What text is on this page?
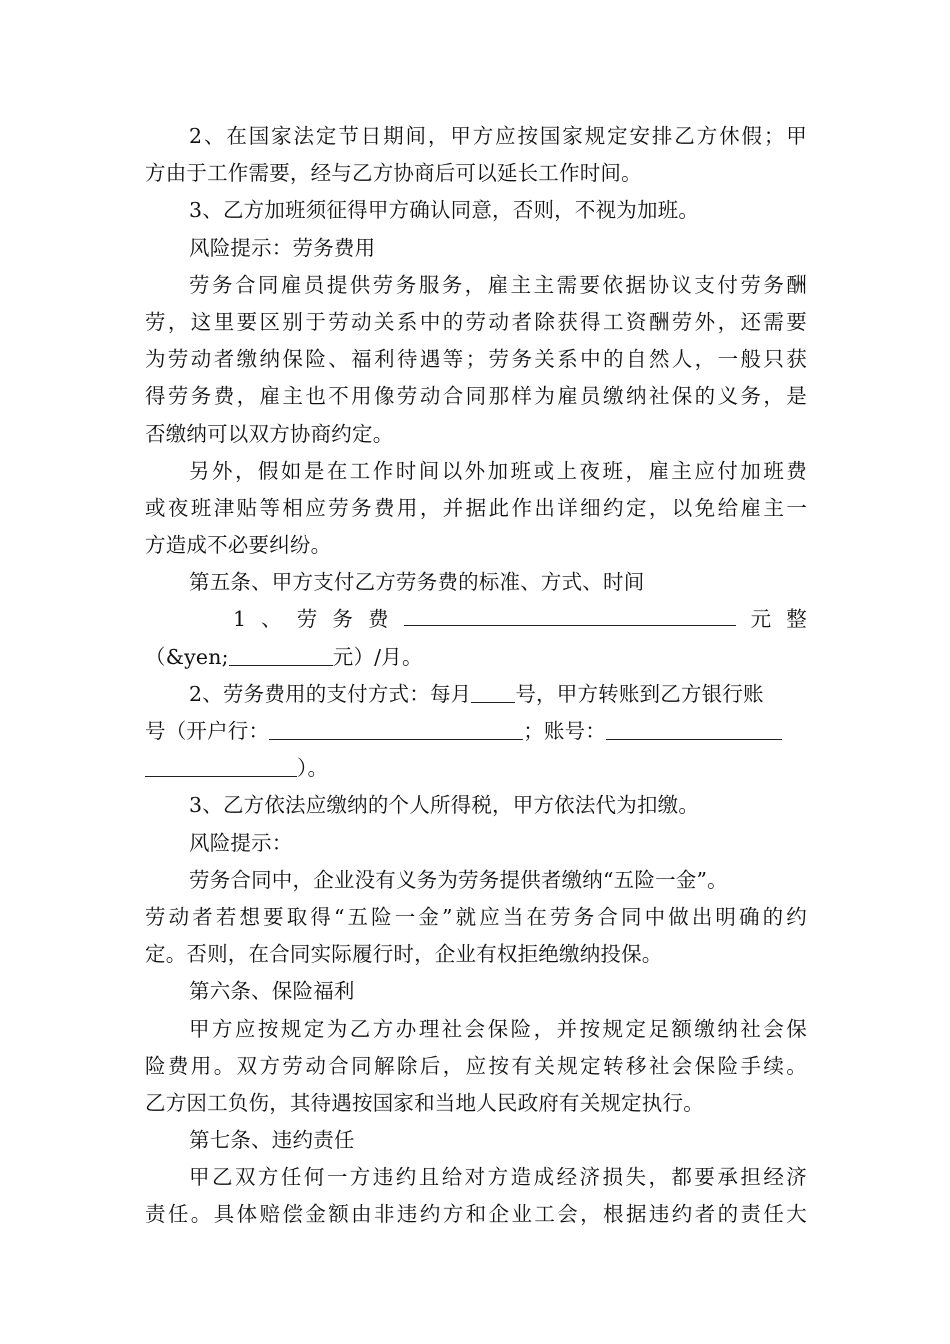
2、在国家法定节日期间，甲方应按国家规定安排乙方休假；甲
方由于工作需要，经与乙方协商后可以延长工作时间。
3、乙方加班须征得甲方确认同意，否则，不视为加班。
风险提示：劳务费用
劳务合同雇员提供劳务服务，雇主主需要依据协议支付劳务酬
劳，这里要区别于劳动关系中的劳动者除获得工资酬劳外，还需要
为劳动者缴纳保险、福利待遇等；劳务关系中的自然人，一般只获
得劳务费，雇主也不用像劳动合同那样为雇员缴纳社保的义务，是
否缴纳可以双方协商约定。
另外，假如是在工作时间以外加班或上夜班，雇主应付加班费
或夜班津贴等相应劳务费用，并据此作出详细约定，以免给雇主一
方造成不必要纠纷。
第五条、甲方支付乙方劳务费的标准、方式、时间
1 、 劳 务 费	元 整
（&yen;	元）/月。
2、劳务费用的支付方式：每月 号，甲方转账到乙方银行账
号（开户行：	；账号：
）。
3、乙方依法应缴纳的个人所得税，甲方依法代为扣缴。
风险提示：
劳务合同中，企业没有义务为劳务提供者缴纳“五险一金”。
劳动者若想要取得“五险一金”就应当在劳务合同中做出明确的约
定。否则，在合同实际履行时，企业有权拒绝缴纳投保。
第六条、保险福利
甲方应按规定为乙方办理社会保险，并按规定足额缴纳社会保
险费用。双方劳动合同解除后，应按有关规定转移社会保险手续。
乙方因工负伤，其待遇按国家和当地人民政府有关规定执行。
第七条、违约责任
甲乙双方任何一方违约且给对方造成经济损失，都要承担经济
责任。具体赔偿金额由非违约方和企业工会，根据违约者的责任大
